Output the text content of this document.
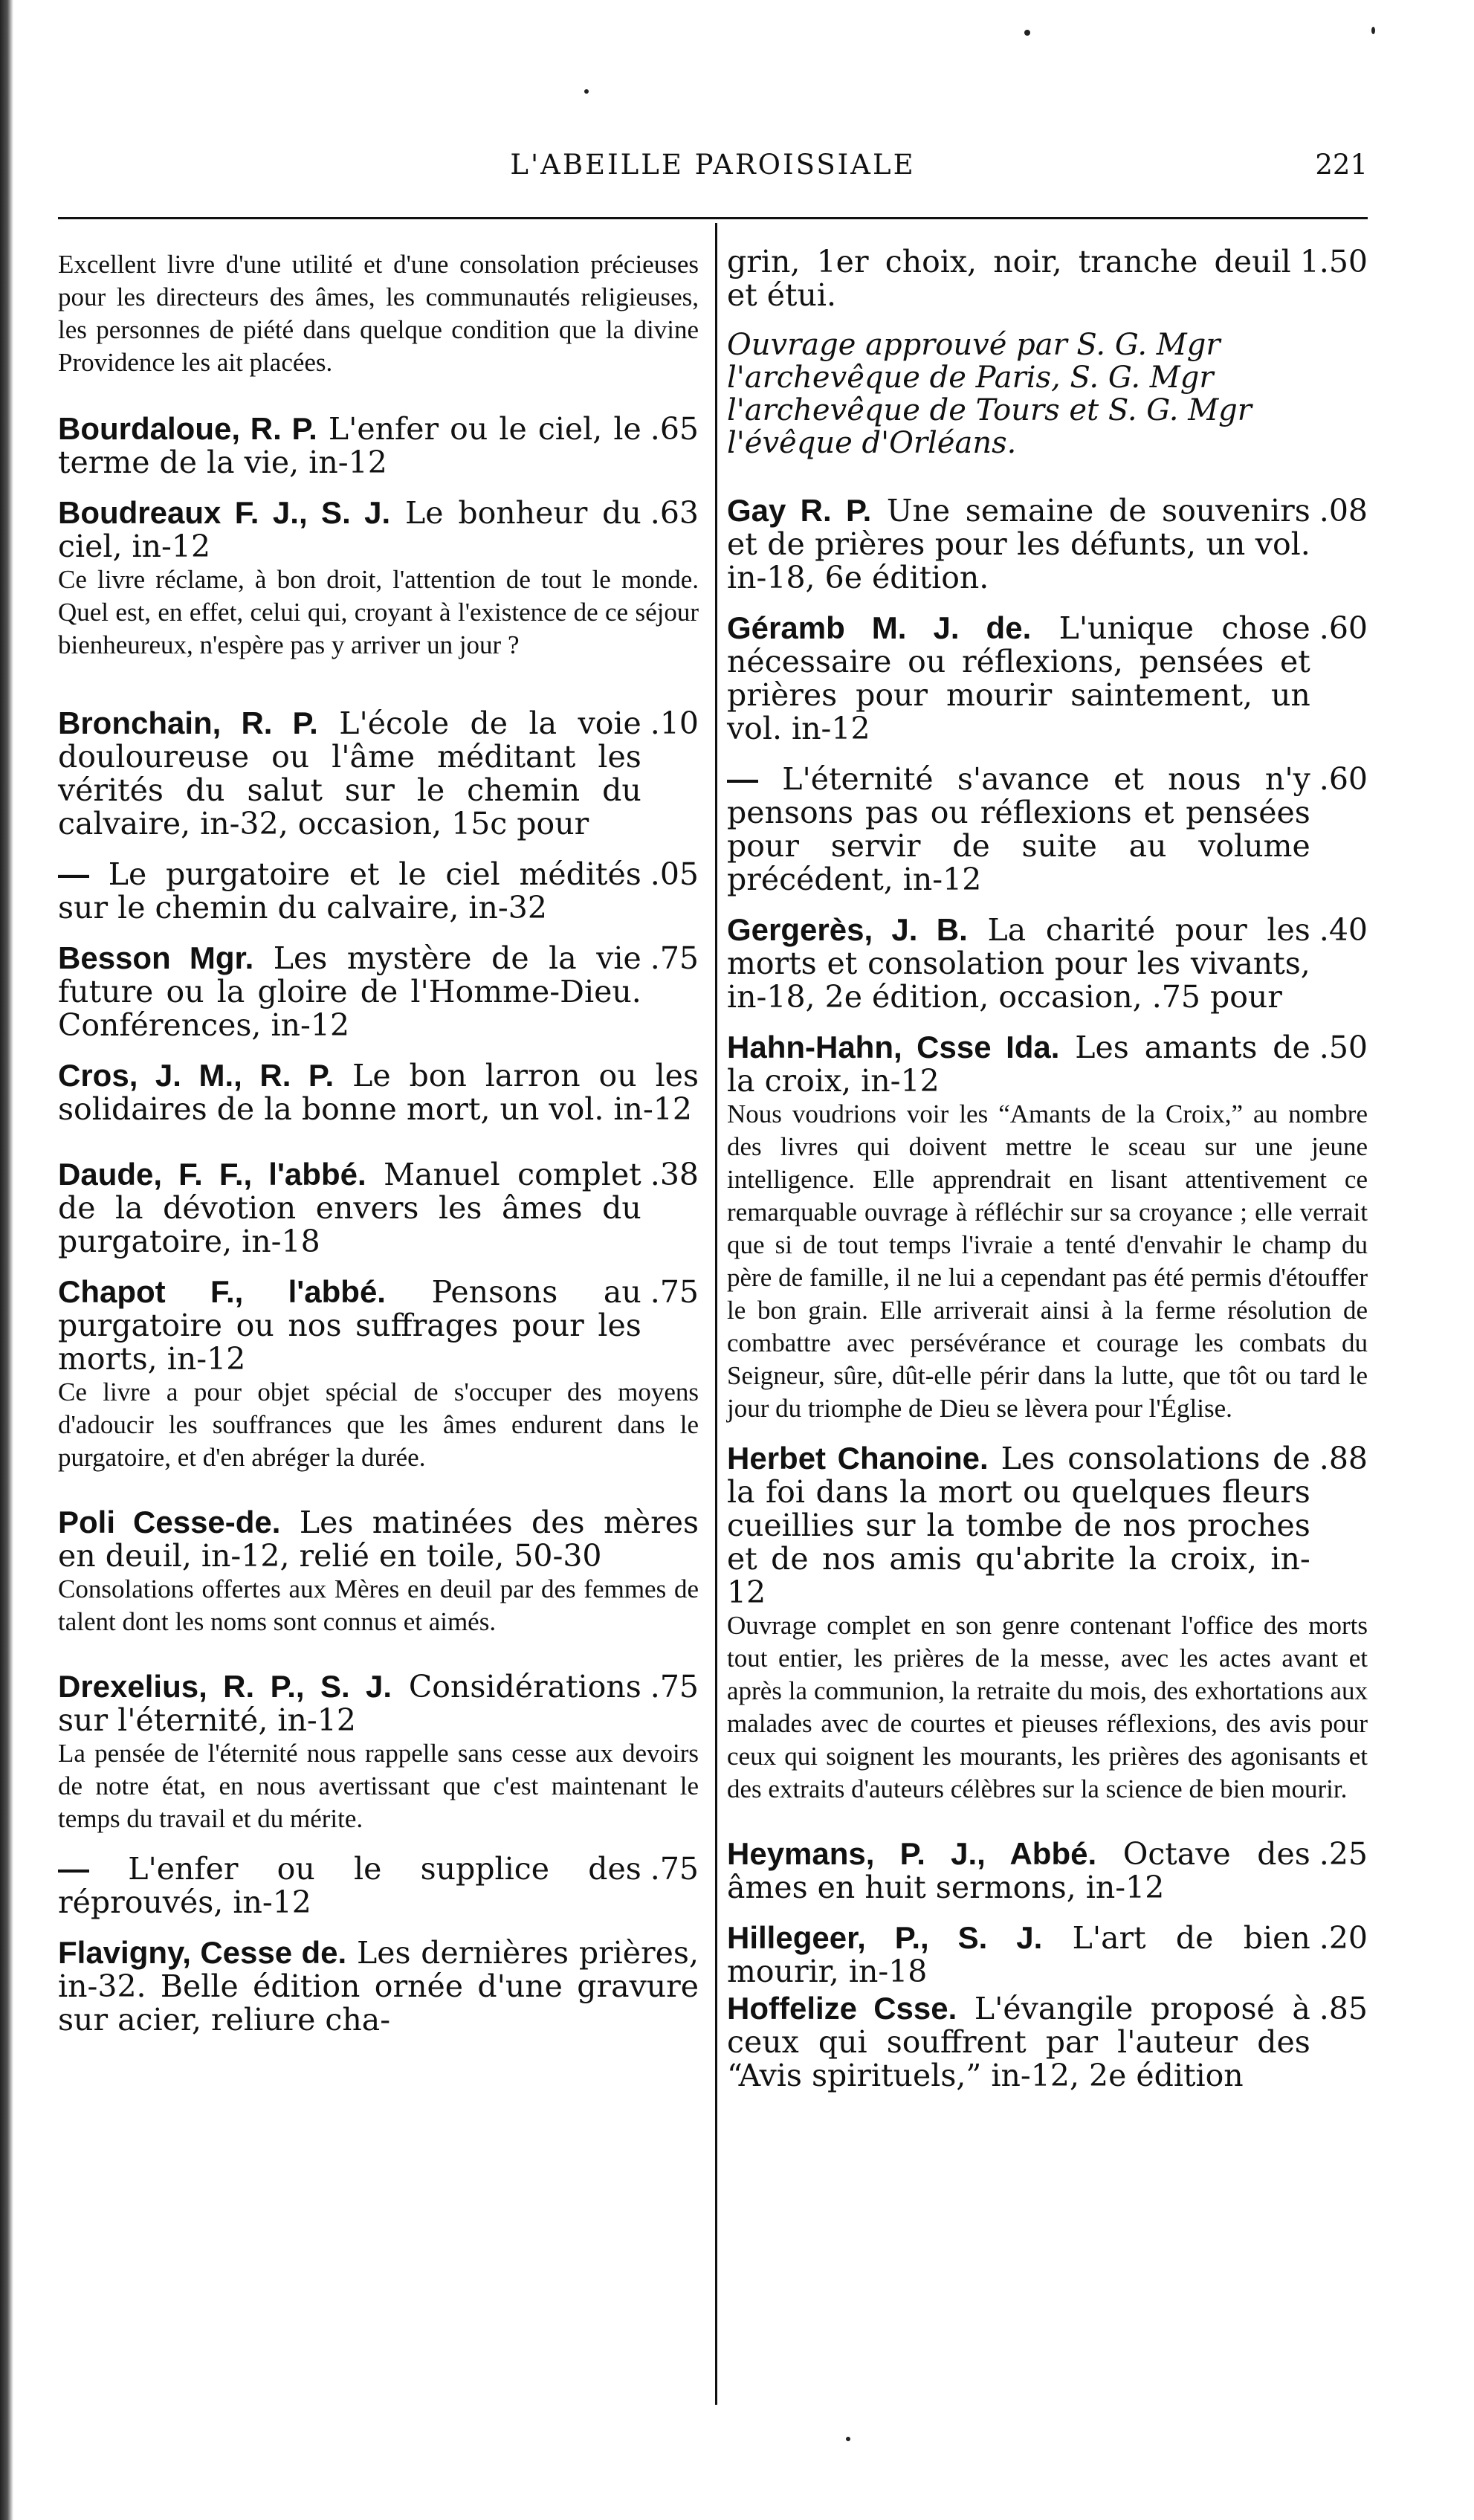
L'ABEILLE PAROISSIALE	221

Excellent livre d'une utilité et d'une consolation précieuses pour les directeurs des âmes, les communautés religieuses, les personnes de piété dans quelque condition que la divine Providence les ait placées.

Bourdaloue, R. P. L'enfer ou le ciel, le terme de la vie, in-12
.65

Boudreaux F. J., S. J. Le bonheur du ciel, in-12
.63

Ce livre réclame, à bon droit, l'attention de tout le monde. Quel est, en effet, celui qui, croyant à l'existence de ce séjour bienheureux, n'espère pas y arriver un jour ?

Bronchain, R. P. L'école de la voie douloureuse ou l'âme méditant les vérités du salut sur le chemin du calvaire, in-32, occasion, 15c pour
.10

— Le purgatoire et le ciel médités sur le chemin du calvaire, in-32
.05

Besson Mgr. Les mystère de la vie future ou la gloire de l'Homme-Dieu. Conférences, in-12
.75

Cros, J. M., R. P. Le bon larron ou les solidaires de la bonne mort, un vol. in-12

Daude, F. F., l'abbé. Manuel complet de la dévotion envers les âmes du purgatoire, in-18
.38

Chapot F., l'abbé. Pensons au purgatoire ou nos suffrages pour les morts, in-12
.75

Ce livre a pour objet spécial de s'occuper des moyens d'adoucir les souffrances que les âmes endurent dans le purgatoire, et d'en abréger la durée.

Poli Cesse-de. Les matinées des mères en deuil, in-12, relié en toile, 50-30

Consolations offertes aux Mères en deuil par des femmes de talent dont les noms sont connus et aimés.

Drexelius, R. P., S. J. Considérations sur l'éternité, in-12
.75

La pensée de l'éternité nous rappelle sans cesse aux devoirs de notre état, en nous avertissant que c'est maintenant le temps du travail et du mérite.

— L'enfer ou le supplice des réprouvés, in-12
.75

Flavigny, Cesse de. Les dernières prières, in-32. Belle édition ornée d'une gravure sur acier, reliure cha-

grin, 1er choix, noir, tranche deuil et étui.
1.50

Ouvrage approuvé par S. G. Mgr l'archevêque de Paris, S. G. Mgr l'archevêque de Tours et S. G. Mgr l'évêque d'Orléans.

Gay R. P. Une semaine de souvenirs et de prières pour les défunts, un vol. in-18, 6e édition.
.08

Géramb M. J. de. L'unique chose nécessaire ou réflexions, pensées et prières pour mourir saintement, un vol. in-12
.60

— L'éternité s'avance et nous n'y pensons pas ou réflexions et pensées pour servir de suite au volume précédent, in-12
.60

Gergerès, J. B. La charité pour les morts et consolation pour les vivants, in-18, 2e édition, occasion, .75 pour
.40

Hahn-Hahn, Csse Ida. Les amants de la croix, in-12
.50

Nous voudrions voir les “Amants de la Croix,” au nombre des livres qui doivent mettre le sceau sur une jeune intelligence. Elle apprendrait en lisant attentivement ce remarquable ouvrage à réfléchir sur sa croyance ; elle verrait que si de tout temps l'ivraie a tenté d'envahir le champ du père de famille, il ne lui a cependant pas été permis d'étouffer le bon grain. Elle arriverait ainsi à la ferme résolution de combattre avec persévérance et courage les combats du Seigneur, sûre, dût-elle périr dans la lutte, que tôt ou tard le jour du triomphe de Dieu se lèvera pour l'Église.

Herbet Chanoine. Les consolations de la foi dans la mort ou quelques fleurs cueillies sur la tombe de nos proches et de nos amis qu'abrite la croix, in-12
.88

Ouvrage complet en son genre contenant l'office des morts tout entier, les prières de la messe, avec les actes avant et après la communion, la retraite du mois, des exhortations aux malades avec de courtes et pieuses réflexions, des avis pour ceux qui soignent les mourants, les prières des agonisants et des extraits d'auteurs célèbres sur la science de bien mourir.

Heymans, P. J., Abbé. Octave des âmes en huit sermons, in-12
.25

Hillegeer, P., S. J. L'art de bien mourir, in-18
.20

Hoffelize Csse. L'évangile proposé à ceux qui souffrent par l'auteur des “Avis spirituels,” in-12, 2e édition
.85
